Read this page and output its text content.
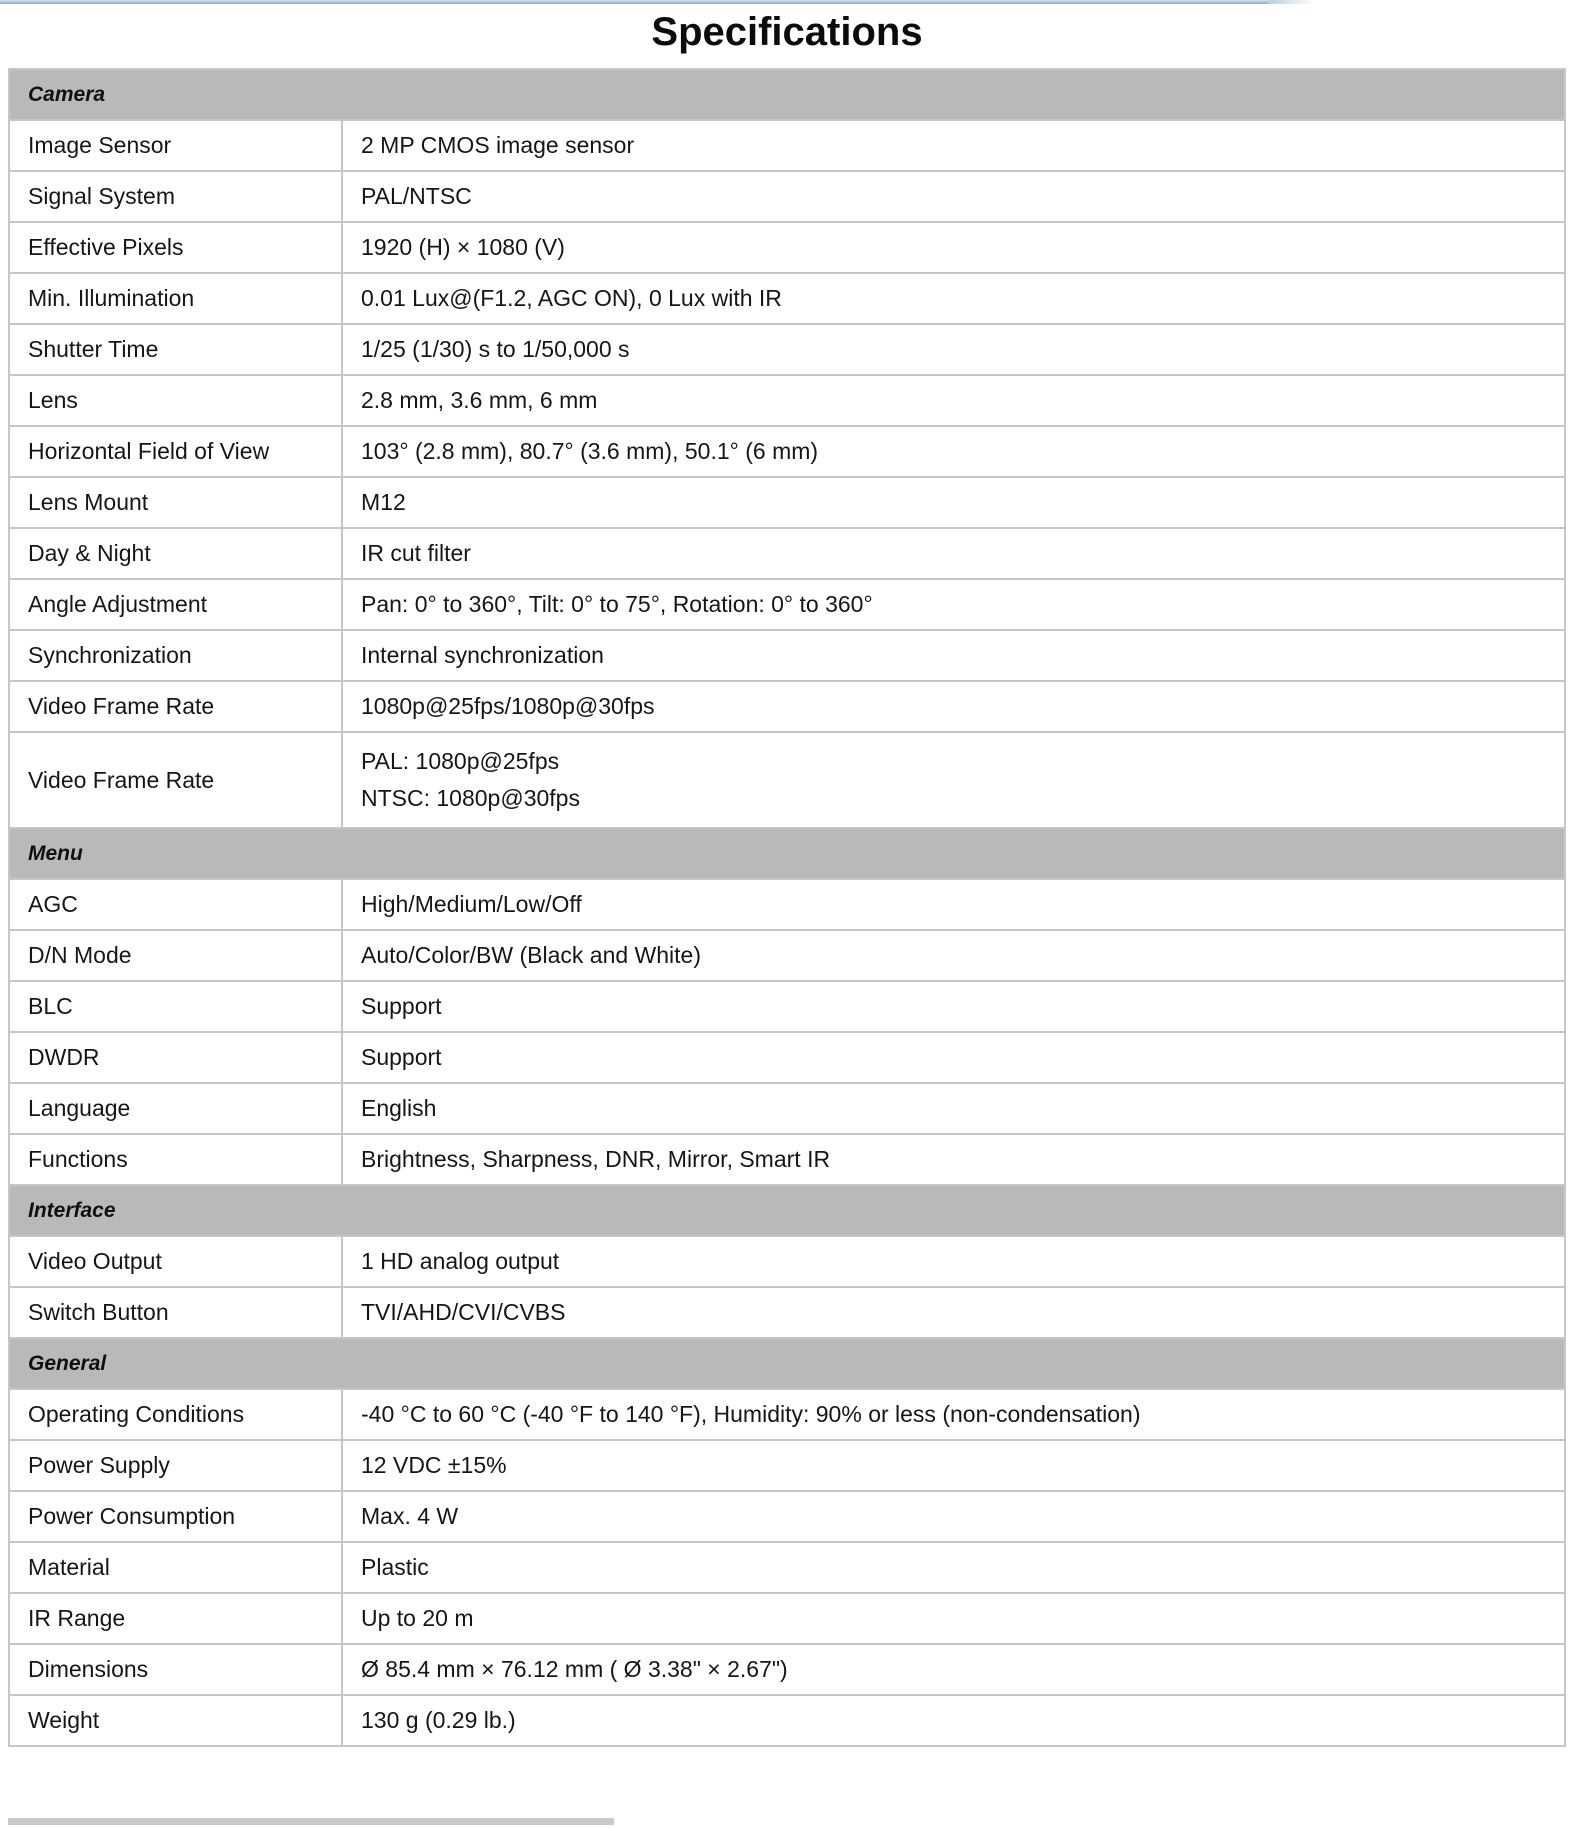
Specifications
Camera	
Image Sensor	2 MP CMOS image sensor
Signal System	PAL/NTSC
Effective Pixels	1920 (H) × 1080 (V)
Min. Illumination	0.01 Lux@(F1.2, AGC ON), 0 Lux with IR
Shutter Time	1/25 (1/30) s to 1/50,000 s
Lens	2.8 mm, 3.6 mm, 6 mm
Horizontal Field of View	103° (2.8 mm), 80.7° (3.6 mm), 50.1° (6 mm)
Lens Mount	M12
Day & Night	IR cut filter
Angle Adjustment	Pan: 0° to 360°, Tilt: 0° to 75°, Rotation: 0° to 360°
Synchronization	Internal synchronization
Video Frame Rate	1080p@25fps/1080p@30fps
Video Frame Rate	PAL: 1080p@25fps
NTSC: 1080p@30fps

Menu	
AGC	High/Medium/Low/Off
D/N Mode	Auto/Color/BW (Black and White)
BLC	Support
DWDR	Support
Language	English
Functions	Brightness, Sharpness, DNR, Mirror, Smart IR
Interface	
Video Output	1 HD analog output
Switch Button	TVI/AHD/CVI/CVBS
General	
Operating Conditions	-40 °C to 60 °C (-40 °F to 140 °F), Humidity: 90% or less (non-condensation)
Power Supply	12 VDC ±15%
Power Consumption	Max. 4 W
Material	Plastic
IR Range	Up to 20 m
Dimensions	Ø 85.4 mm × 76.12 mm ( Ø 3.38" × 2.67")
Weight	130 g (0.29 lb.)
